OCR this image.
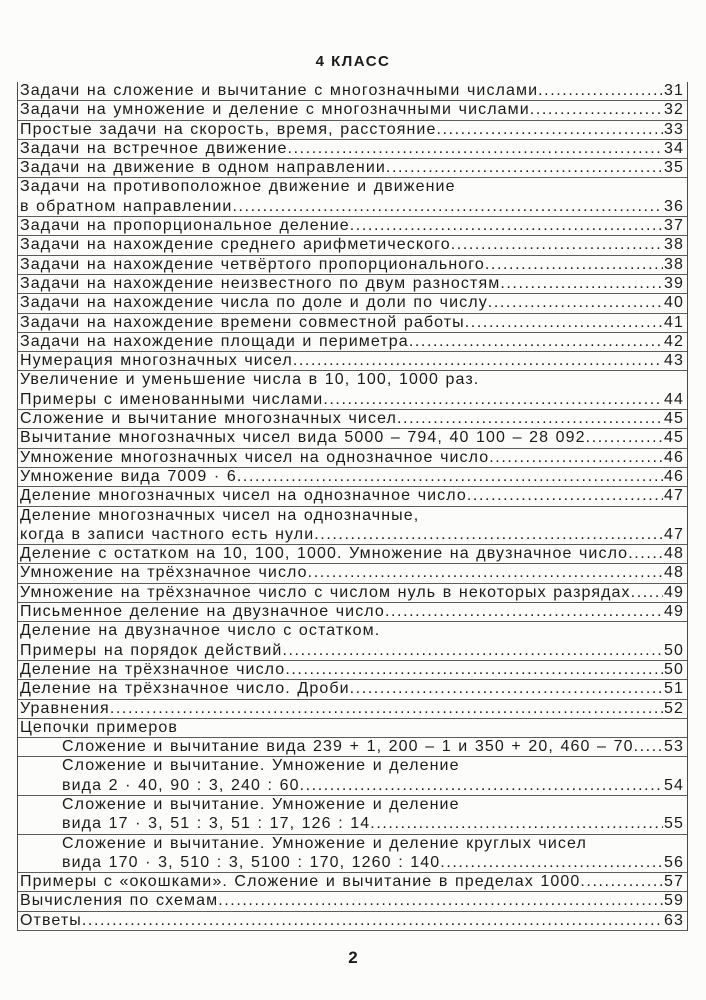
4 КЛАСС
Задачи на сложение и вычитание с многозначными числами .....	31
Задачи на умножение и деление с многозначными числами .....	32
Простые задачи на скорость, время, расстояние .....	33
Задачи на встречное движение .....	34
Задачи на движение в одном направлении .....	35
Задачи на противоположное движение и движение
в обратном направлении .....	36
Задачи на пропорциональное деление .....	37
Задачи на нахождение среднего арифметического .....	38
Задачи на нахождение четвёртого пропорционального .....	38
Задачи на нахождение неизвестного по двум разностям .....	39
Задачи на нахождение числа по доле и доли по числу .....	40
Задачи на нахождение времени совместной работы .....	41
Задачи на нахождение площади и периметра .....	42
Нумерация многозначных чисел .....	43
Увеличение и уменьшение числа в 10, 100, 1000 раз.
Примеры с именованными числами .....	44
Сложение и вычитание многозначных чисел .....	45
Вычитание многозначных чисел вида 5000 – 794, 40 100 – 28 092 .....	45
Умножение многозначных чисел на однозначное число .....	46
Умножение вида 7009 · 6 .....	46
Деление многозначных чисел на однозначное число .....	47
Деление многозначных чисел на однозначные,
когда в записи частного есть нули .....	47
Деление с остатком на 10, 100, 1000. Умножение на двузначное число ..... 48
Умножение на трёхзначное число .....	48
Умножение на трёхзначное число с числом нуль в некоторых разрядах ..... 49
Письменное деление на двузначное число .....	49
Деление на двузначное число с остатком.
Примеры на порядок действий .....	50
Деление на трёхзначное число .....	50
Деление на трёхзначное число. Дроби .....	51
Уравнения .....	52
Цепочки примеров
Сложение и вычитание вида 239 + 1, 200 – 1 и 350 + 20, 460 – 70 ..... 53
Сложение и вычитание. Умножение и деление
вида 2 · 40, 90 : 3, 240 : 60 .....	54
Сложение и вычитание. Умножение и деление
вида 17 · 3, 51 : 3, 51 : 17, 126 : 14 .....	55
Сложение и вычитание. Умножение и деление круглых чисел
вида 170 · 3, 510 : 3, 5100 : 170, 1260 : 140 .....	56
Примеры с «окошками». Сложение и вычитание в пределах 1000 .....	57
Вычисления по схемам .....	59
Ответы .....	63
2
